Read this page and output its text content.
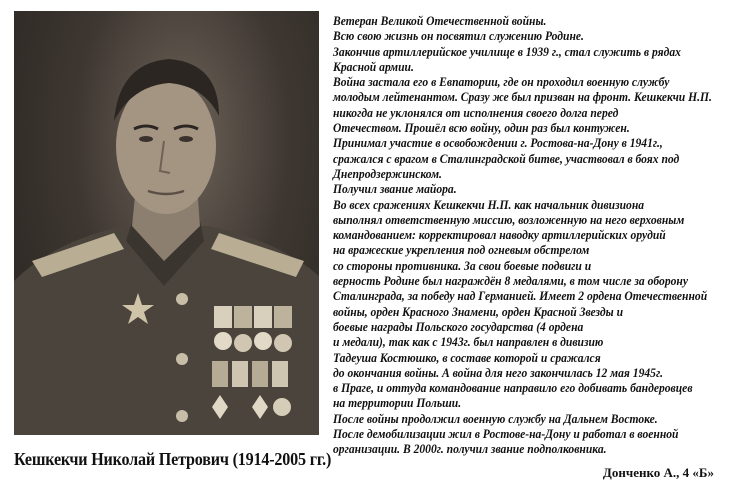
Ветеран Великой Отечественной войны.
Всю свою жизнь он посвятил служению Родине.
Закончив артиллерийское училище в 1939 г., стал служить в рядах
Красной армии.
Война застала его в Евпатории, где он проходил военную службу
молодым лейтенантом. Сразу же был призван на фронт. Кешкекчи Н.П.
никогда не уклонялся от исполнения своего долга перед
Отечеством. Прошёл всю войну, один раз был контужен.
Принимал участие в освобождении г. Ростова-на-Дону в 1941г.,
сражался с врагом в Сталинградской битве, участвовал в боях под
Днепродзержинском.
Получил звание майора.
Во всех сражениях Кешкекчи Н.П. как начальник дивизиона
выполнял ответственную миссию, возложенную на него верховным
командованием: корректировал наводку артиллерийских орудий
на вражеские укрепления под огневым обстрелом
со стороны противника. За свои боевые подвиги и
верность Родине был награждён 8 медалями, в том числе за оборону
Сталинграда, за победу над Германией. Имеет 2 ордена Отечественной
войны, орден Красного Знамени, орден Красной Звезды и
боевые награды Польского государства (4 ордена
и медали), так как с 1943г. был направлен в дивизию
Тадеуша Костюшко, в составе которой и сражался
до окончания войны. А война для него закончилась 12 мая 1945г.
в Праге, и оттуда командование направило его добивать бандеровцев
на территории Польши.
После войны продолжил военную службу на Дальнем Востоке.
После демобилизации жил в Ростове-на-Дону и работал в военной
организации. В 2000г. получил звание подполковника.
Кешкекчи Николай Петрович (1914-2005 гг.)
Донченко А., 4 «Б»
